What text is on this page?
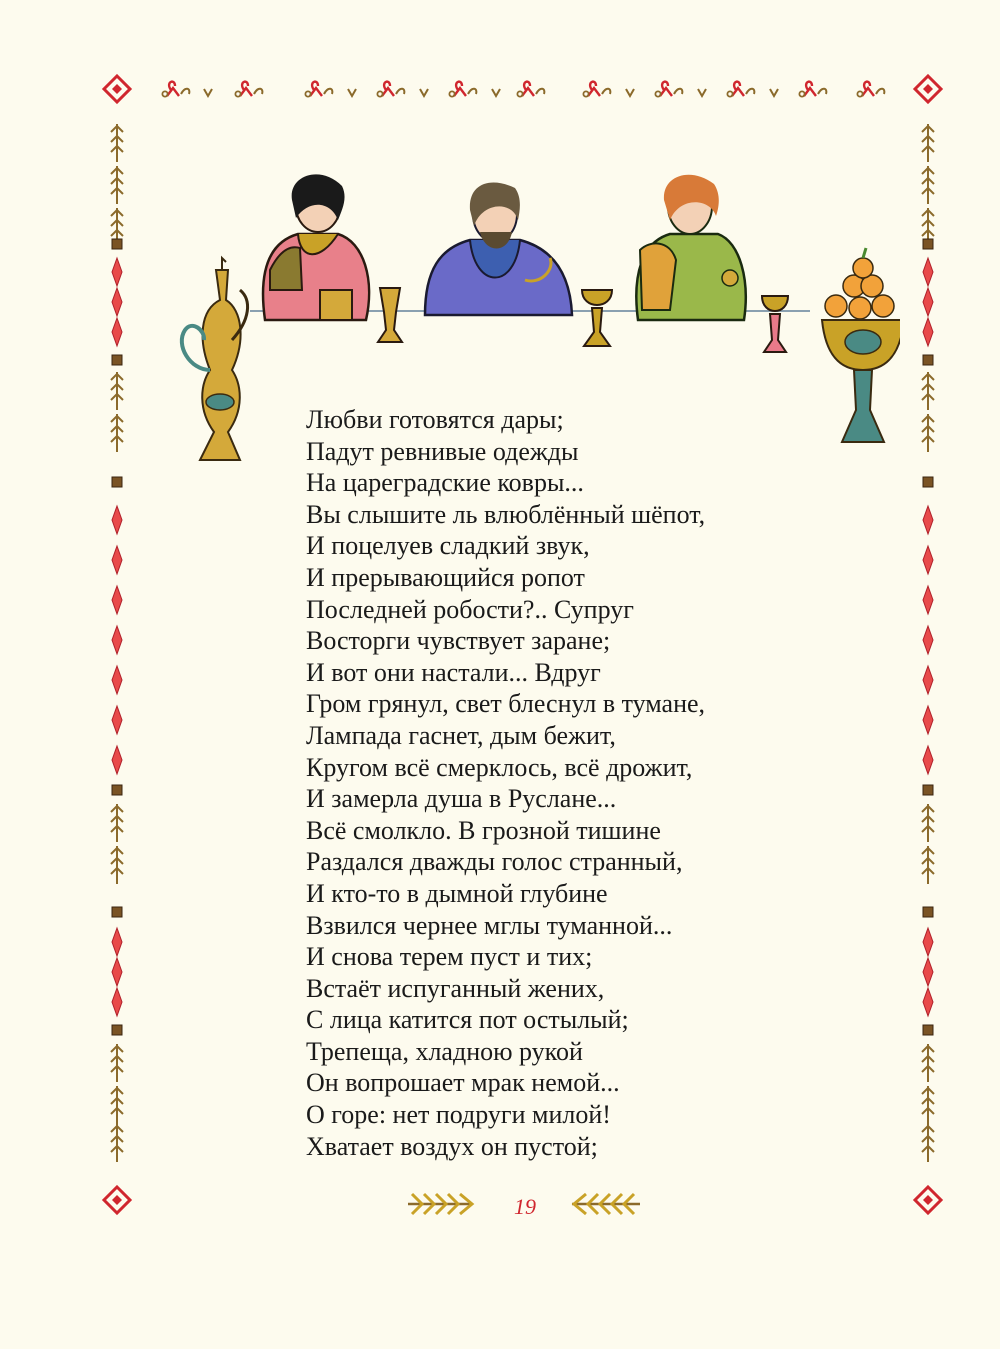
Любви готовятся дары;
Падут ревнивые одежды
На цареградские ковры...
Вы слышите ль влюблённый шёпот,
И поцелуев сладкий звук,
И прерывающийся ропот
Последней робости?.. Супруг
Восторги чувствует заране;
И вот они настали... Вдруг
Гром грянул, свет блеснул в тумане,
Лампада гаснет, дым бежит,
Кругом всё смерклось, всё дрожит,
И замерла душа в Руслане...
Всё смолкло. В грозной тишине
Раздался дважды голос странный,
И кто-то в дымной глубине
Взвился чернее мглы туманной...
И снова терем пуст и тих;
Встаёт испуганный жених,
С лица катится пот остылый;
Трепеща, хладною рукой
Он вопрошает мрак немой...
О горе: нет подруги милой!
Хватает воздух он пустой;
19
